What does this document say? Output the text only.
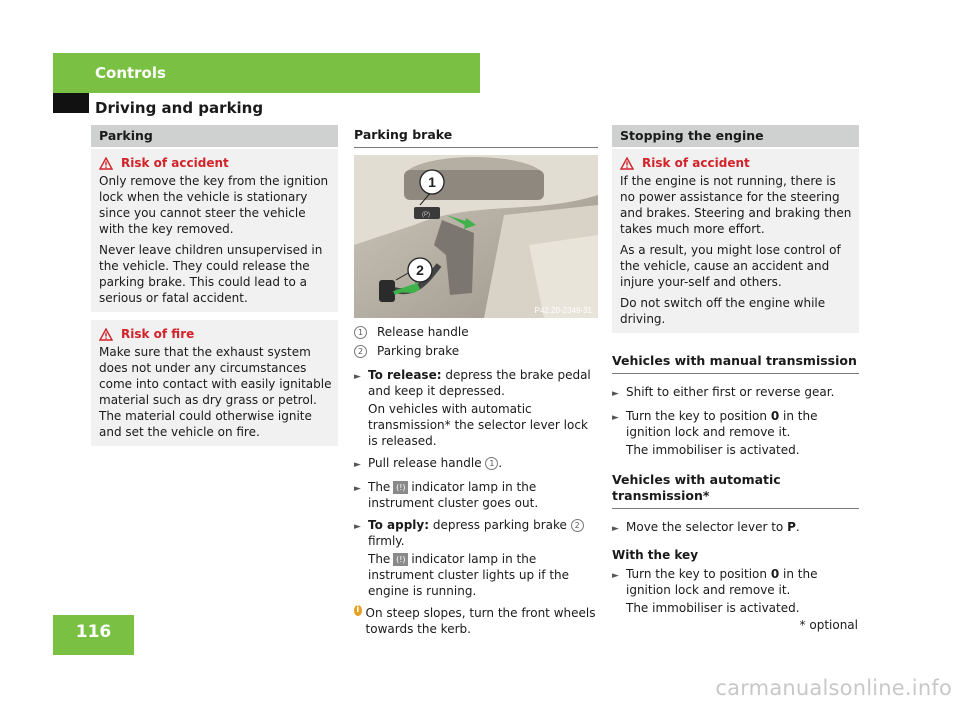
Controls
Driving and parking
Parking
Risk of accident

Only remove the key from the ignition lock when the vehicle is stationary since you cannot steer the vehicle with the key removed.

Never leave children unsupervised in the vehicle. They could release the parking brake. This could lead to a serious or fatal accident.

Risk of fire

Make sure that the exhaust system does not under any circumstances come into contact with easily ignitable material such as dry grass or petrol. The material could otherwise ignite and set the vehicle on fire.

Parking brake
(P)
1
2
P42.20-2349-31
1	Release handle
2	Parking brake
► To release: depress the brake pedal and keep it depressed.
On vehicles with automatic transmission* the selector lever lock is released.
► Pull release handle 1 .
► The (!) indicator lamp in the instrument cluster goes out.
► To apply: depress parking brake 2 firmly.
The (!) indicator lamp in the instrument cluster lights up if the engine is running.
i On steep slopes, turn the front wheels towards the kerb.
Stopping the engine
Risk of accident

If the engine is not running, there is no power assistance for the steering and brakes. Steering and braking then takes much more effort.

As a result, you might lose control of the vehicle, cause an accident and injure your-self and others.

Do not switch off the engine while driving.

Vehicles with manual transmission
► Shift to either first or reverse gear.
► Turn the key to position 0 in the ignition lock and remove it.
The immobiliser is activated.
Vehicles with automatic transmission*
► Move the selector lever to P.
With the key
► Turn the key to position 0 in the ignition lock and remove it.
The immobiliser is activated.
116	* optional
carmanualsonline.info
